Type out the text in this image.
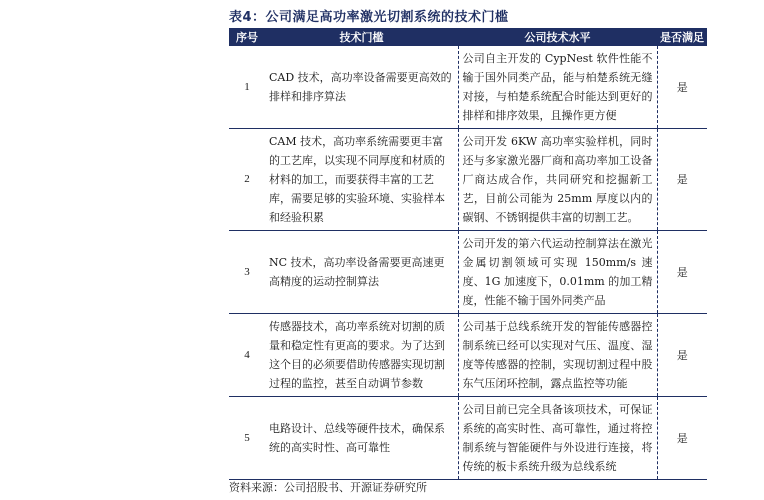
表4：公司满足高功率激光切割系统的技术门槛
序号	技术门槛	公司技术水平	是否满足
1	CAD 技术，高功率设备需要更高效的排样和排序算法	公司自主开发的 CypNest 软件性能不输于国外同类产品，能与柏楚系统无缝对接，与柏楚系统配合时能达到更好的排样和排序效果，且操作更方便	是
2	CAM 技术，高功率系统需要更丰富的工艺库，以实现不同厚度和材质的材料的加工，而要获得丰富的工艺库，需要足够的实验环境、实验样本和经验积累	公司开发 6KW 高功率实验样机，同时还与多家激光器厂商和高功率加工设备厂商达成合作，共同研究和挖掘新工艺，目前公司能为 25mm 厚度以内的碳钢、不锈钢提供丰富的切割工艺。	是
3	NC 技术，高功率设备需要更高速更高精度的运动控制算法	公司开发的第六代运动控制算法在激光金属切割领域可实现 150mm/s 速度、1G 加速度下，0.01mm 的加工精度，性能不输于国外同类产品	是
4	传感器技术，高功率系统对切割的质量和稳定性有更高的要求。为了达到这个目的必须要借助传感器实现切割过程的监控，甚至自动调节参数	公司基于总线系统开发的智能传感器控制系统已经可以实现对气压、温度、湿度等传感器的控制，实现切割过程中股东气压闭环控制，露点监控等功能	是
5	电路设计、总线等硬件技术，确保系统的高实时性、高可靠性	公司目前已完全具备该项技术，可保证系统的高实时性、高可靠性，通过将控制系统与智能硬件与外设进行连接，将传统的板卡系统升级为总线系统	是
资料来源：公司招股书、开源证券研究所
